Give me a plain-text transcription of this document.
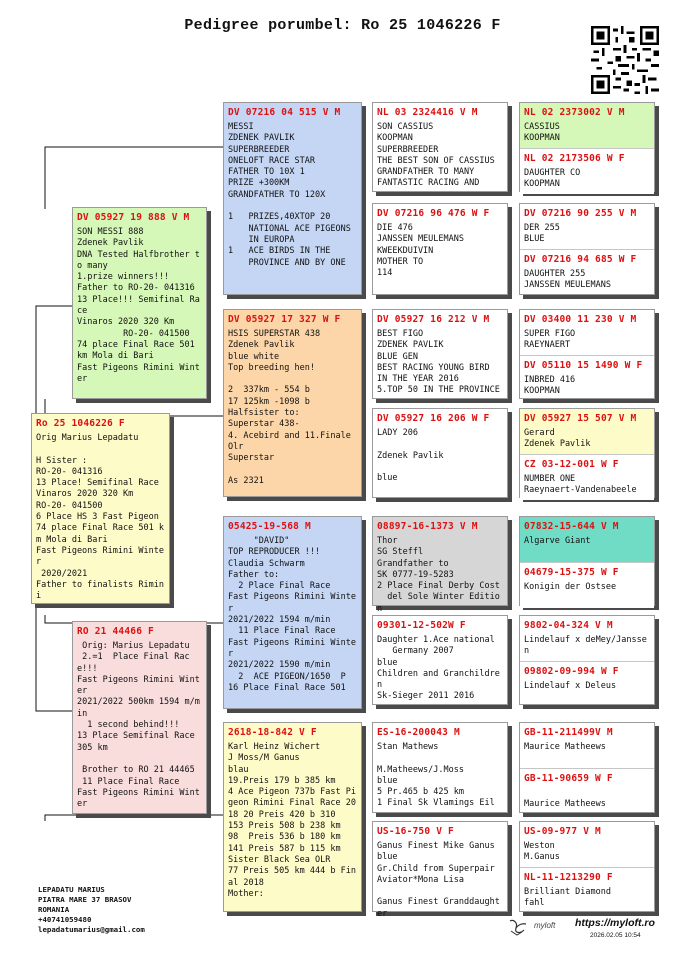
Pedigree porumbel: Ro 25 1046226 F
Ro 25 1046226 F
Orig Marius Lepadatu

H Sister :
RO-20- 041316
13 Place! Semifinal Race Vinaros 2020 320 Km
RO-20- 041500
6 Place HS 3 Fast Pigeon
74 place Final Race 501 km Mola di Bari
Fast Pigeons Rimini Winter
2020/2021
Father to finalists Rimini
DV 05927 19 888 V M
SON MESSI 888
Zdenek Pavlik
DNA Tested Halfbrother to many
1.prize winners!!!
Father to RO-20- 041316
13 Place!!! Semifinal Race
Vinaros 2020 320 Km
RO-20- 041500
74 place Final Race 501 km Mola di Bari
Fast Pigeons Rimini Winter
RO 21 44466 F
Orig: Marius Lepadatu
2.=1  Place Final Race!!!
Fast Pigeons Rimini Winter
2021/2022 500km 1594 m/min
1 second behind!!!
13 Place Semifinal Race 305 km

Brother to RO 21 44465
11 Place Final Race
Fast Pigeons Rimini Winter
DV 07216 04 515 V M
MESSI
ZDENEK PAVLIK
SUPERBREEDER
ONELOFT RACE STAR
FATHER TO 10X 1
PRIZE +300KM
GRANDFATHER TO 120X

1   PRIZES,40XTOP 20
NATIONAL ACE PIGEONS
IN EUROPA
1   ACE BIRDS IN THE
PROVINCE AND BY ONE
DV 05927 17 327 W F
HSIS SUPERSTAR 438
Zdenek Pavlik
blue white
Top breeding hen!

2  337km - 554 b
17 125km -1098 b
Halfsister to:
Superstar 438-
4. Acebird and 11.Finale Olr
Superstar

As 2321
05425-19-568 M
"DAVID"
TOP REPRODUCER !!!
Claudia Schwarm
Father to:
2 Place Final Race
Fast Pigeons Rimini Winter
2021/2022 1594 m/min
11 Place Final Race
Fast Pigeons Rimini Winter
2021/2022 1590 m/min
2  ACE PIGEON/1650  P
16 Place Final Race 501
2618-18-842 V F
Karl Heinz Wichert
J Moss/M Ganus
blau
19.Preis 179 b 385 km
4 Ace Pigeon 737b Fast Pigeon Rimini Final Race 2018 20 Preis 420 b 310
153 Preis 508 b 238 km
98  Preis 536 b 180 km
141 Preis 587 b 115 km
Sister Black Sea OLR
77 Preis 505 km 444 b Final 2018
Mother:
NL 03 2324416 V M
SON CASSIUS
KOOPMAN
SUPERBREEDER
THE BEST SON OF CASSIUS
GRANDFATHER TO MANY
FANTASTIC RACING AND
DV 07216 96 476 W F
DIE 476
JANSSEN MEULEMANS
KWEEKDUIVIN
MOTHER TO
114
DV 05927 16 212 V M
BEST FIGO
ZDENEK PAVLIK
BLUE GEN
BEST RACING YOUNG BIRD
IN THE YEAR 2016
5.TOP 50 IN THE PROVINCE
DV 05927 16 206 W F
LADY 206

Zdenek Pavlik

blue
08897-16-1373 V M
Thor
SG Steffl
Grandfather to
SK 0777-19-5283
2 Place Final Derby Cost
del Sole Winter Edition
09301-12-502W F
Daughter 1.Ace national
Germany 2007
blue
Children and Granchildren
Sk-Sieger 2011 2016
ES-16-200043 M
Stan Mathews

M.Matheews/J.Moss
blue
5 Pr.465 b 425 km
1 Final Sk Vlamings Eil
US-16-750 V F
Ganus Finest Mike Ganus
blue
Gr.Child from Superpair
Aviator*Mona Lisa

Ganus Finest Granddaughter
NL 02 2373002 V M
CASSIUS
KOOPMAN
NL 02 2173506 W F
DAUGHTER CO
KOOPMAN
DV 07216 90 255 V M
DER 255
BLUE
DV 07216 94 685 W F
DAUGHTER 255
JANSSEN MEULEMANS
DV 03400 11 230 V M
SUPER FIGO
RAEYNAERT
DV 05110 15 1490 W F
INBRED 416
KOOPMAN
DV 05927 15 507 V M
Gerard
Zdenek Pavlik
CZ 03-12-001 W F
NUMBER ONE
Raeynaert-Vandenabeele
07832-15-644 V M
Algarve Giant
04679-15-375 W F
Konigin der Ostsee
9802-04-324 V M
Lindelauf x deMey/Janssen
09802-09-994 W F
Lindelauf x Deleus
GB-11-211499V M
Maurice Matheews
GB-11-90659 W F

Maurice Matheews
US-09-977 V M
Weston
M.Ganus
NL-11-1213290 F
Brilliant Diamond
fahl
LEPADATU MARIUS
PIATRA MARE 37 BRASOV
ROMANIA
+40741059480
lepadatumarius@gmail.com	myloft https://myloft.ro
2026.02.05 10:54
